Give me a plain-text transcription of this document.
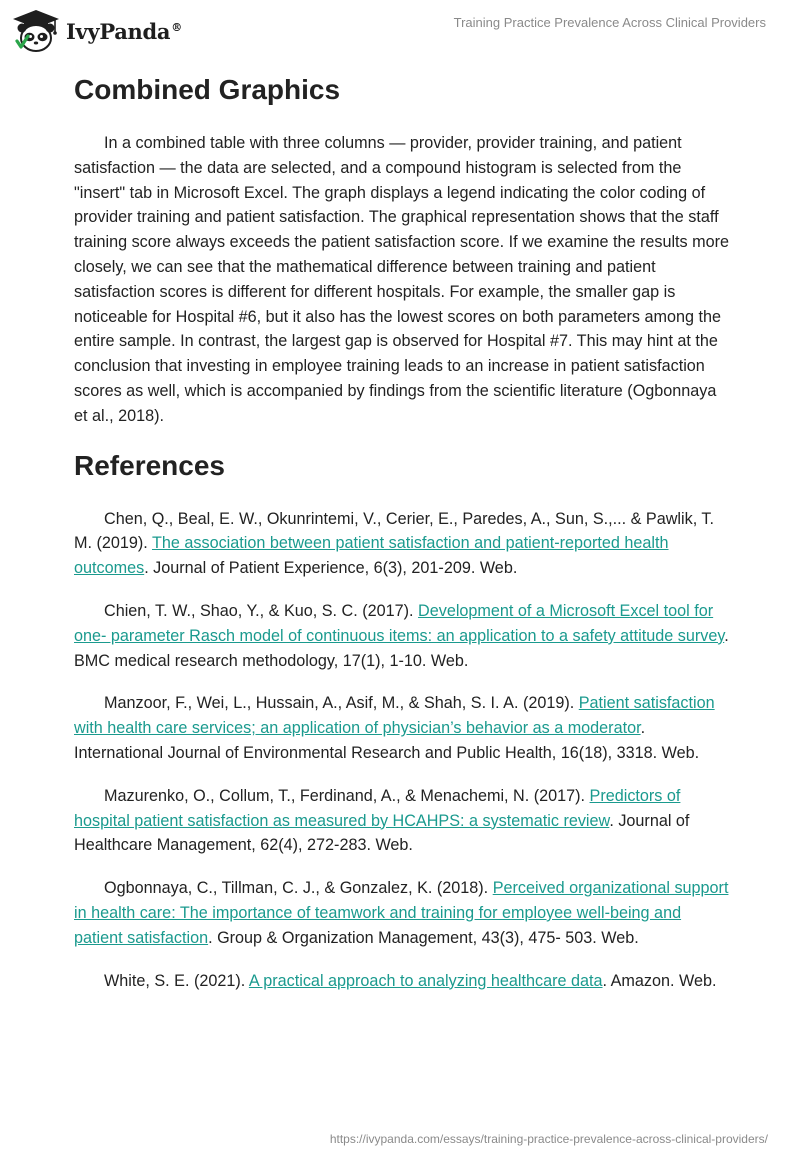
IvyPanda®	Training Practice Prevalence Across Clinical Providers
Combined Graphics

In a combined table with three columns — provider, provider training, and patient satisfaction — the data are selected, and a compound histogram is selected from the "insert" tab in Microsoft Excel. The graph displays a legend indicating the color coding of provider training and patient satisfaction. The graphical representation shows that the staff training score always exceeds the patient satisfaction score. If we examine the results more closely, we can see that the mathematical difference between training and patient satisfaction scores is different for different hospitals. For example, the smaller gap is noticeable for Hospital #6, but it also has the lowest scores on both parameters among the entire sample. In contrast, the largest gap is observed for Hospital #7. This may hint at the conclusion that investing in employee training leads to an increase in patient satisfaction scores as well, which is accompanied by findings from the scientific literature (Ogbonnaya et al., 2018).

References

Chen, Q., Beal, E. W., Okunrintemi, V., Cerier, E., Paredes, A., Sun, S.,... & Pawlik, T. M. (2019). The association between patient satisfaction and patient-reported health outcomes. Journal of Patient Experience, 6(3), 201-209. Web.

Chien, T. W., Shao, Y., & Kuo, S. C. (2017). Development of a Microsoft Excel tool for one- parameter Rasch model of continuous items: an application to a safety attitude survey. BMC medical research methodology, 17(1), 1-10. Web.

Manzoor, F., Wei, L., Hussain, A., Asif, M., & Shah, S. I. A. (2019). Patient satisfaction with health care services; an application of physician’s behavior as a moderator. International Journal of Environmental Research and Public Health, 16(18), 3318. Web.

Mazurenko, O., Collum, T., Ferdinand, A., & Menachemi, N. (2017). Predictors of hospital patient satisfaction as measured by HCAHPS: a systematic review. Journal of Healthcare Management, 62(4), 272-283. Web.

Ogbonnaya, C., Tillman, C. J., & Gonzalez, K. (2018). Perceived organizational support in health care: The importance of teamwork and training for employee well-being and patient satisfaction. Group & Organization Management, 43(3), 475- 503. Web.

White, S. E. (2021). A practical approach to analyzing healthcare data. Amazon. Web.

https://ivypanda.com/essays/training-practice-prevalence-across-clinical-providers/
